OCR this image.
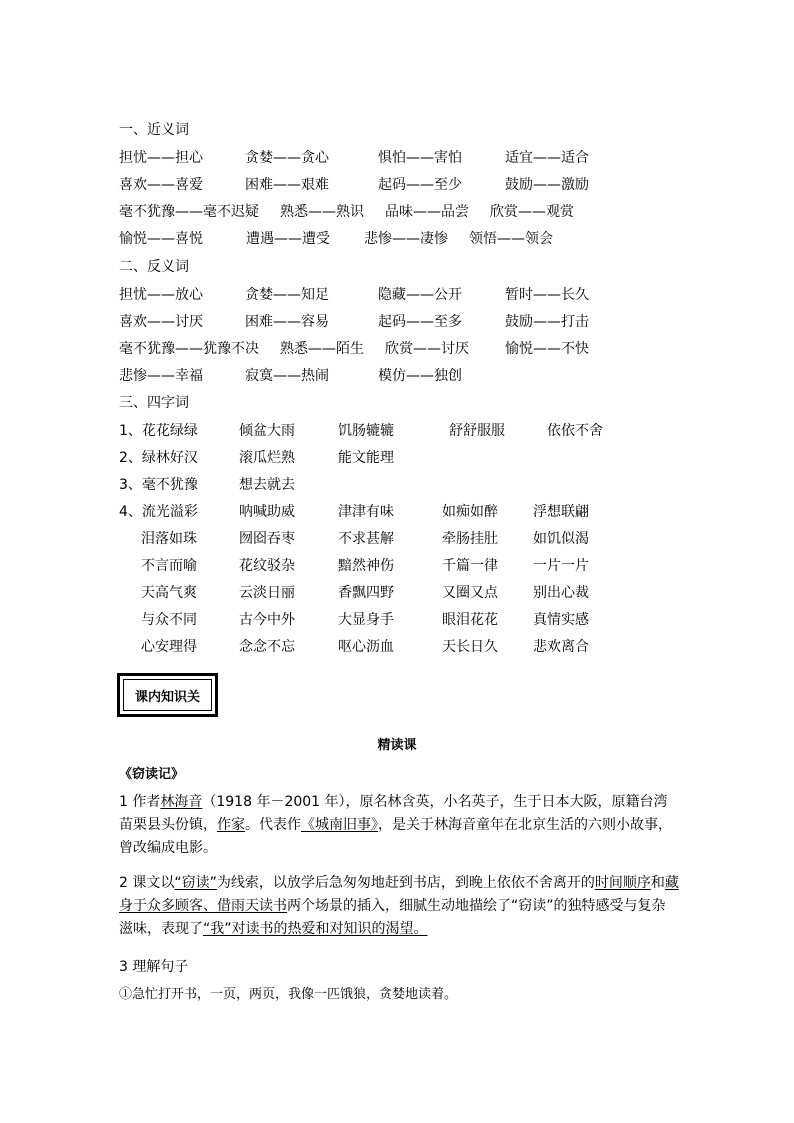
一、近义词
担忧——担心	贪婪——贪心	惧怕——害怕	适宜——适合
喜欢——喜爱	困难——艰难	起码——至少	鼓励——激励
毫不犹豫——毫不迟疑 熟悉——熟识 品味——品尝 欣赏——观赏
愉悦——喜悦	遭遇——遭受 悲惨——凄惨 领悟——领会
二、反义词
担忧——放心	贪婪——知足	隐藏——公开	暂时——长久
喜欢——讨厌	困难——容易	起码——至多	鼓励——打击
毫不犹豫——犹豫不决 熟悉——陌生 欣赏——讨厌	愉悦——不快
悲惨——幸福	寂寞——热闹	模仿——独创
三、四字词
1、花花绿绿	倾盆大雨	饥肠辘辘	舒舒服服	依依不舍
2、绿林好汉	滚瓜烂熟	能文能理
3、毫不犹豫	想去就去
4、流光溢彩	呐喊助威	津津有味	如痴如醉	浮想联翩
泪落如珠	囫囵吞枣	不求甚解	牵肠挂肚	如饥似渴
不言而喻	花纹驳杂	黯然神伤	千篇一律	一片一片
天高气爽	云淡日丽	香飘四野	又圈又点	别出心裁
与众不同	古今中外	大显身手	眼泪花花	真情实感
心安理得	念念不忘	呕心沥血	天长日久	悲欢离合
课内知识关
精读课
《窃读记》
1 作者林海音（1918 年－2001 年），原名林含英，小名英子，生于日本大阪，原籍台湾苗栗县头份镇，作家。代表作《城南旧事》，是关于林海音童年在北京生活的六则小故事，曾改编成电影。
2 课文以“窃读”为线索，以放学后急匆匆地赶到书店，到晚上依依不舍离开的时间顺序和藏身于众多顾客、借雨天读书两个场景的插入，细腻生动地描绘了“窃读”的独特感受与复杂滋味，表现了“我”对读书的热爱和对知识的渴望。
3 理解句子
①急忙打开书，一页，两页，我像一匹饿狼，贪婪地读着。
